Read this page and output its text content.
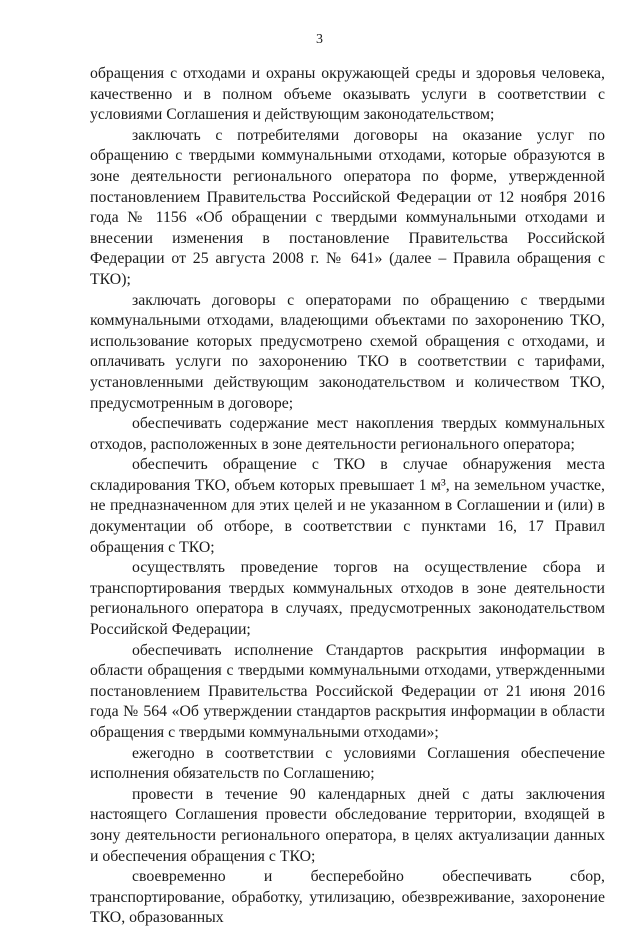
3

обращения с отходами и охраны окружающей среды и здоровья человека, качественно и в полном объеме оказывать услуги в соответствии с условиями Соглашения и действующим законодательством;

заключать с потребителями договоры на оказание услуг по обращению с твердыми коммунальными отходами, которые образуются в зоне деятельности регионального оператора по форме, утвержденной постановлением Правительства Российской Федерации от 12 ноября 2016 года № 1156 «Об обращении с твердыми коммунальными отходами и внесении изменения в постановление Правительства Российской Федерации от 25 августа 2008 г. № 641» (далее – Правила обращения с ТКО);

заключать договоры с операторами по обращению с твердыми коммунальными отходами, владеющими объектами по захоронению ТКО, использование которых предусмотрено схемой обращения с отходами, и оплачивать услуги по захоронению ТКО в соответствии с тарифами, установленными действующим законодательством и количеством ТКО, предусмотренным в договоре;

обеспечивать содержание мест накопления твердых коммунальных отходов, расположенных в зоне деятельности регионального оператора;

обеспечить обращение с ТКО в случае обнаружения места складирования ТКО, объем которых превышает 1 м³, на земельном участке, не предназначенном для этих целей и не указанном в Соглашении и (или) в документации об отборе, в соответствии с пунктами 16, 17 Правил обращения с ТКО;

осуществлять проведение торгов на осуществление сбора и транспортирования твердых коммунальных отходов в зоне деятельности регионального оператора в случаях, предусмотренных законодательством Российской Федерации;

обеспечивать исполнение Стандартов раскрытия информации в области обращения с твердыми коммунальными отходами, утвержденными постановлением Правительства Российской Федерации от 21 июня 2016 года № 564 «Об утверждении стандартов раскрытия информации в области обращения с твердыми коммунальными отходами»;

ежегодно в соответствии с условиями Соглашения обеспечение исполнения обязательств по Соглашению;

провести в течение 90 календарных дней с даты заключения настоящего Соглашения провести обследование территории, входящей в зону деятельности регионального оператора, в целях актуализации данных и обеспечения обращения с ТКО;

своевременно и бесперебойно обеспечивать сбор, транспортирование, обработку, утилизацию, обезвреживание, захоронение ТКО, образованных
